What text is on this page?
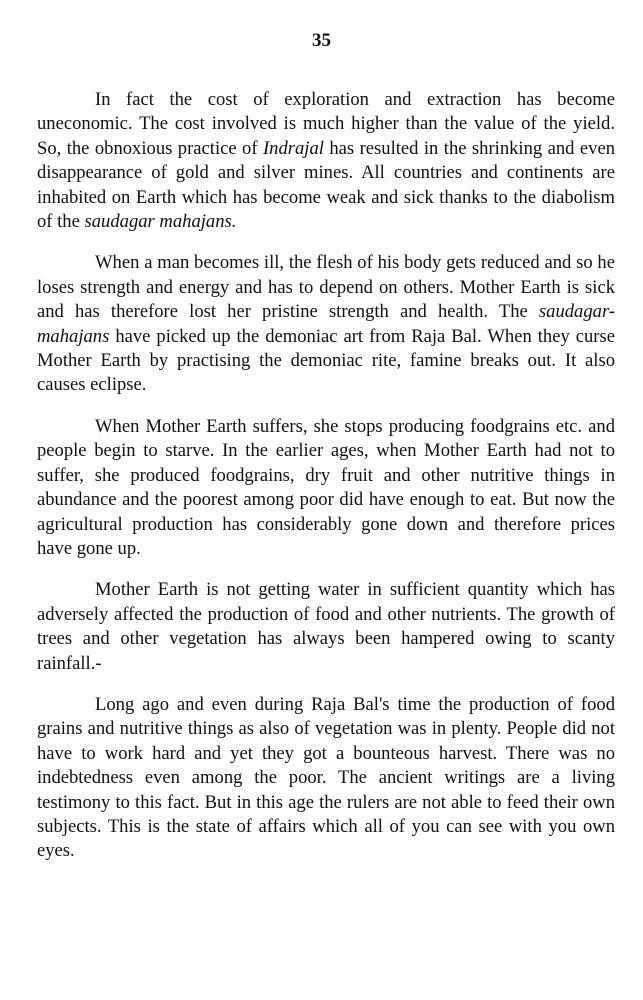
35

In fact the cost of exploration and extraction has become uneconomic. The cost involved is much higher than the value of the yield. So, the obnoxious practice of Indrajal has resulted in the shrinking and even disappearance of gold and silver mines. All countries and continents are inhabited on Earth which has become weak and sick thanks to the diabolism of the saudagar mahajans.

When a man becomes ill, the flesh of his body gets reduced and so he loses strength and energy and has to depend on others. Mother Earth is sick and has therefore lost her pristine strength and health. The saudagar-mahajans have picked up the demoniac art from Raja Bal. When they curse Mother Earth by practising the demoniac rite, famine breaks out. It also causes eclipse.

When Mother Earth suffers, she stops producing foodgrains etc. and people begin to starve. In the earlier ages, when Mother Earth had not to suffer, she produced foodgrains, dry fruit and other nutritive things in abundance and the poorest among poor did have enough to eat. But now the agricultural production has considerably gone down and therefore prices have gone up.

Mother Earth is not getting water in sufficient quantity which has adversely affected the production of food and other nutrients. The growth of trees and other vegetation has always been hampered owing to scanty rainfall.-

Long ago and even during Raja Bal's time the production of food grains and nutritive things as also of vegetation was in plenty. People did not have to work hard and yet they got a bounteous harvest. There was no indebtedness even among the poor. The ancient writings are a living testimony to this fact. But in this age the rulers are not able to feed their own subjects. This is the state of affairs which all of you can see with you own eyes.
